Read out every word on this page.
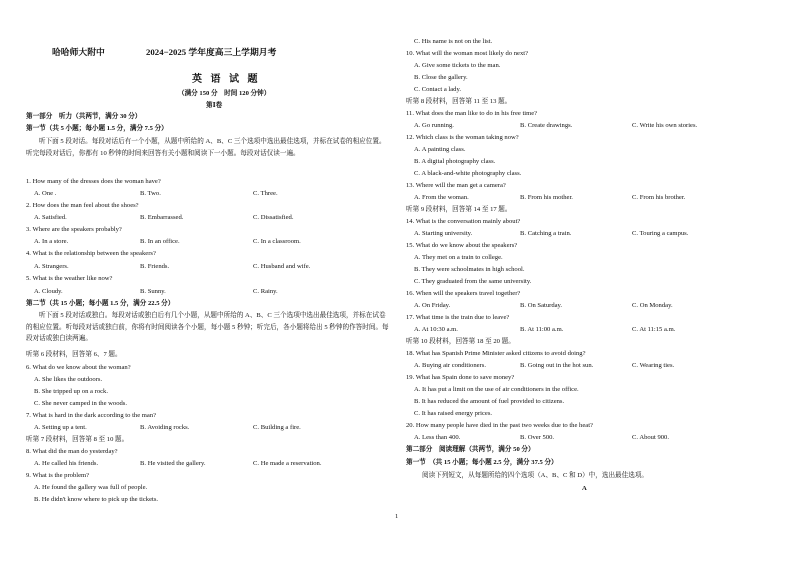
哈哈师大附中	2024−2025 学年度高三上学期月考
英 语 试 题
（满分 150 分　时间 120 分钟）
第Ⅰ卷
第一部分　听力（共两节，满分 30 分）
第一节（共 5 小题；每小题 1.5 分，满分 7.5 分）
听下面 5 段对话。每段对话后有一个小题，从题中所给的 A、B、C 三个选项中选出最佳选项，并标在试卷的相应位置。听完每段对话后，你都有 10 秒钟的时间来回答有关小题和阅读下一小题。每段对话仅读一遍。
1. How many of the dresses does the woman have?
A. One .	B. Two.	C. Three.
2. How does the man feel about the shoes?
A. Satisfied.	B. Embarrassed.	C. Dissatisfied.
3. Where are the speakers probably?
A. In a store.	B. In an office.	C. In a classroom.
4. What is the relationship between the speakers?
A. Strangers.	B. Friends.	C. Husband and wife.
5. What is the weather like now?
A. Cloudy.	B. Sunny.	C. Rainy.
第二节（共 15 小题；每小题 1.5 分，满分 22.5 分）
听下面 5 段对话或独白。每段对话或独白后有几个小题，从题中所给的 A、B、C 三个选项中选出最佳选项，并标在试卷的相应位置。听每段对话或独白前，你将有时间阅读各个小题，每小题 5 秒钟；听完后，各小题将给出 5 秒钟的作答时间。每段对话或独白读两遍。
听第 6 段材料，回答第 6、7 题。
6. What do we know about the woman?
A. She likes the outdoors.
B. She tripped up on a rock.
C. She never camped in the woods.
7. What is hard in the dark according to the man?
A. Setting up a tent.	B. Avoiding rocks.	C. Building a fire.
听第 7 段材料，回答第 8 至 10 题。
8. What did the man do yesterday?
A. He called his friends.	B. He visited the gallery.	C. He made a reservation.
9. What is the problem?
A. He found the gallery was full of people.
B. He didn't know where to pick up the tickets.
C. His name is not on the list.
10. What will the woman most likely do next?
A. Give some tickets to the man.
B. Close the gallery.
C. Contact a lady.
听第 8 段材料，回答第 11 至 13 题。
11. What does the man like to do in his free time?
A. Go running.	B. Create drawings.	C. Write his own stories.
12. Which class is the woman taking now?
A. A painting class.
B. A digital photography class.
C. A black-and-white photography class.
13. Where will the man get a camera?
A. From the woman.	B. From his mother.	C. From his brother.
听第 9 段材料，回答第 14 至 17 题。
14. What is the conversation mainly about?
A. Starting university.	B. Catching a train.	C. Touring a campus.
15. What do we know about the speakers?
A. They met on a train to college.
B. They were schoolmates in high school.
C. They graduated from the same university.
16. When will the speakers travel together?
A. On Friday.	B. On Saturday.	C. On Monday.
17. What time is the train due to leave?
A. At 10:30 a.m.	B. At 11:00 a.m.	C. At 11:15 a.m.
听第 10 段材料，回答第 18 至 20 题。
18. What has Spanish Prime Minister asked citizens to avoid doing?
A. Buying air conditioners.	B. Going out in the hot sun.	C. Wearing ties.
19. What has Spain done to save money?
A. It has put a limit on the use of air conditioners in the office.
B. It has reduced the amount of fuel provided to citizens.
C. It has raised energy prices.
20. How many people have died in the past two weeks due to the heat?
A. Less than 400.	B. Over 500.	C. About 900.
第二部分　阅读理解（共两节，满分 50 分）
第一节　（共 15 小题；每小题 2.5 分，满分 37.5 分）
阅读下列短文，从每题所给的四个选项（A、B、C 和 D）中，选出最佳选项。
A
1
